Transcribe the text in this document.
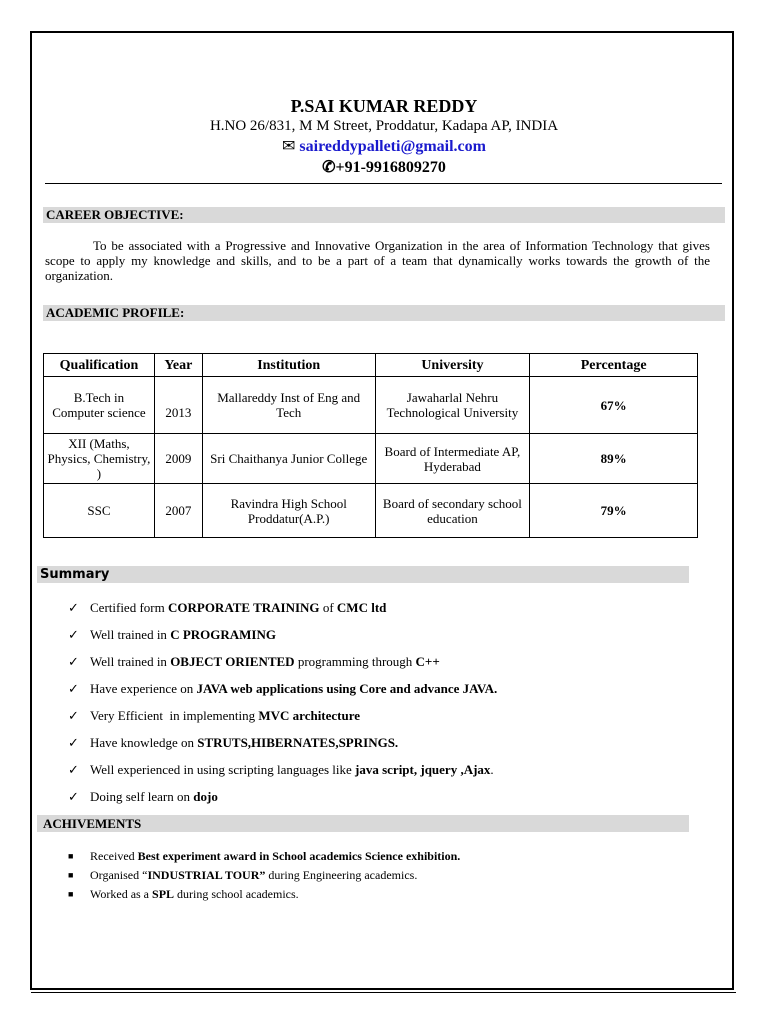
P.SAI KUMAR REDDY
H.NO 26/831, M M Street, Proddatur, Kadapa AP, INDIA
✉ saireddypalleti@gmail.com
✆+91-9916809270
CAREER OBJECTIVE:
To be associated with a Progressive and Innovative Organization in the area of Information Technology that gives scope to apply my knowledge and skills, and to be a part of a team that dynamically works towards the growth of the organization.
ACADEMIC PROFILE:
Qualification	Year	Institution	University	Percentage
B.Tech in Computer science	2013	Mallareddy Inst of Eng and Tech	Jawaharlal Nehru Technological University	67%
XII (Maths, Physics, Chemistry, )	2009	Sri Chaithanya Junior College	Board of Intermediate AP, Hyderabad	89%
SSC	2007	Ravindra High School Proddatur(A.P.)	Board of secondary school education	79%
Summary
✓ Certified form CORPORATE TRAINING of CMC ltd
✓ Well trained in C PROGRAMING
✓ Well trained in OBJECT ORIENTED programming through C++
✓ Have experience on JAVA web applications using Core and advance JAVA.
✓ Very Efficient  in implementing MVC architecture
✓ Have knowledge on STRUTS,HIBERNATES,SPRINGS.
✓ Well experienced in using scripting languages like java script, jquery ,Ajax.
✓ Doing self learn on dojo
ACHIVEMENTS
■ Received Best experiment award in School academics Science exhibition.
■ Organised “INDUSTRIAL TOUR” during Engineering academics.
■ Worked as a SPL during school academics.
